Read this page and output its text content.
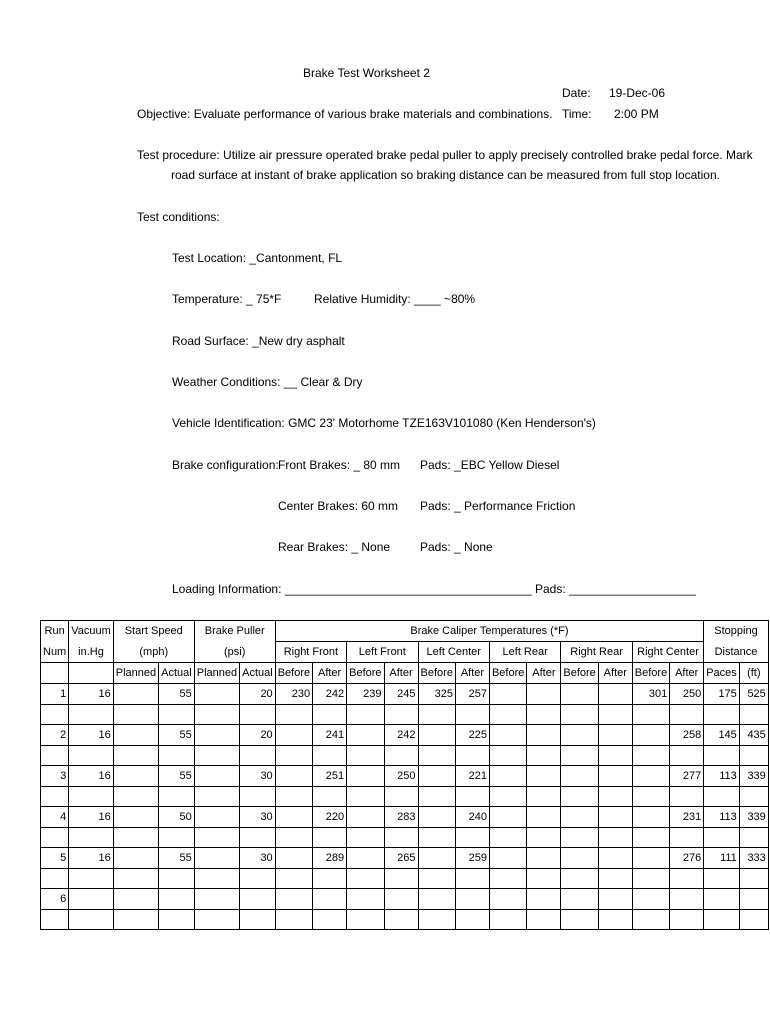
Brake Test Worksheet 2
Date: 19-Dec-06
Objective: Evaluate performance of various brake materials and combinations. Time: 2:00 PM
Test procedure: Utilize air pressure operated brake pedal puller to apply precisely controlled brake pedal force. Mark
road surface at instant of brake application so braking distance can be measured from full stop location.
Test conditions:
Test Location: _Cantonment, FL
Temperature: _ 75*F	Relative Humidity: ____ ~80%
Road Surface: _New dry asphalt
Weather Conditions: __ Clear & Dry
Vehicle Identification: GMC 23' Motorhome TZE163V101080 (Ken Henderson's)
Brake configuration: Front Brakes: _ 80 mm Pads: _EBC Yellow Diesel
Center Brakes: 60 mm Pads: _ Performance Friction
Rear Brakes: _ None Pads: _ None
Loading Information: _____________________________________ Pads: ___________________
Run	Vacuum	Start Speed		Brake Puller		Brake Caliper Temperatures (*F)												Stopping	
Num	in.Hg	(mph)		(psi)		Right Front		Left Front		Left Center		Left Rear		Right Rear		Right Center		Distance	
		Planned	Actual	Planned	Actual	Before	After	Before	After	Before	After	Before	After	Before	After	Before	After	Paces	(ft)
1	16		55		20	230	242	239	245	325	257					301	250	175	525

2	16		55		20		241		242		225						258	145	435

3	16		55		30		251		250		221						277	113	339

4	16		50		30		220		283		240						231	113	339

5	16		55		30		289		265		259						276	111	333

6																			
